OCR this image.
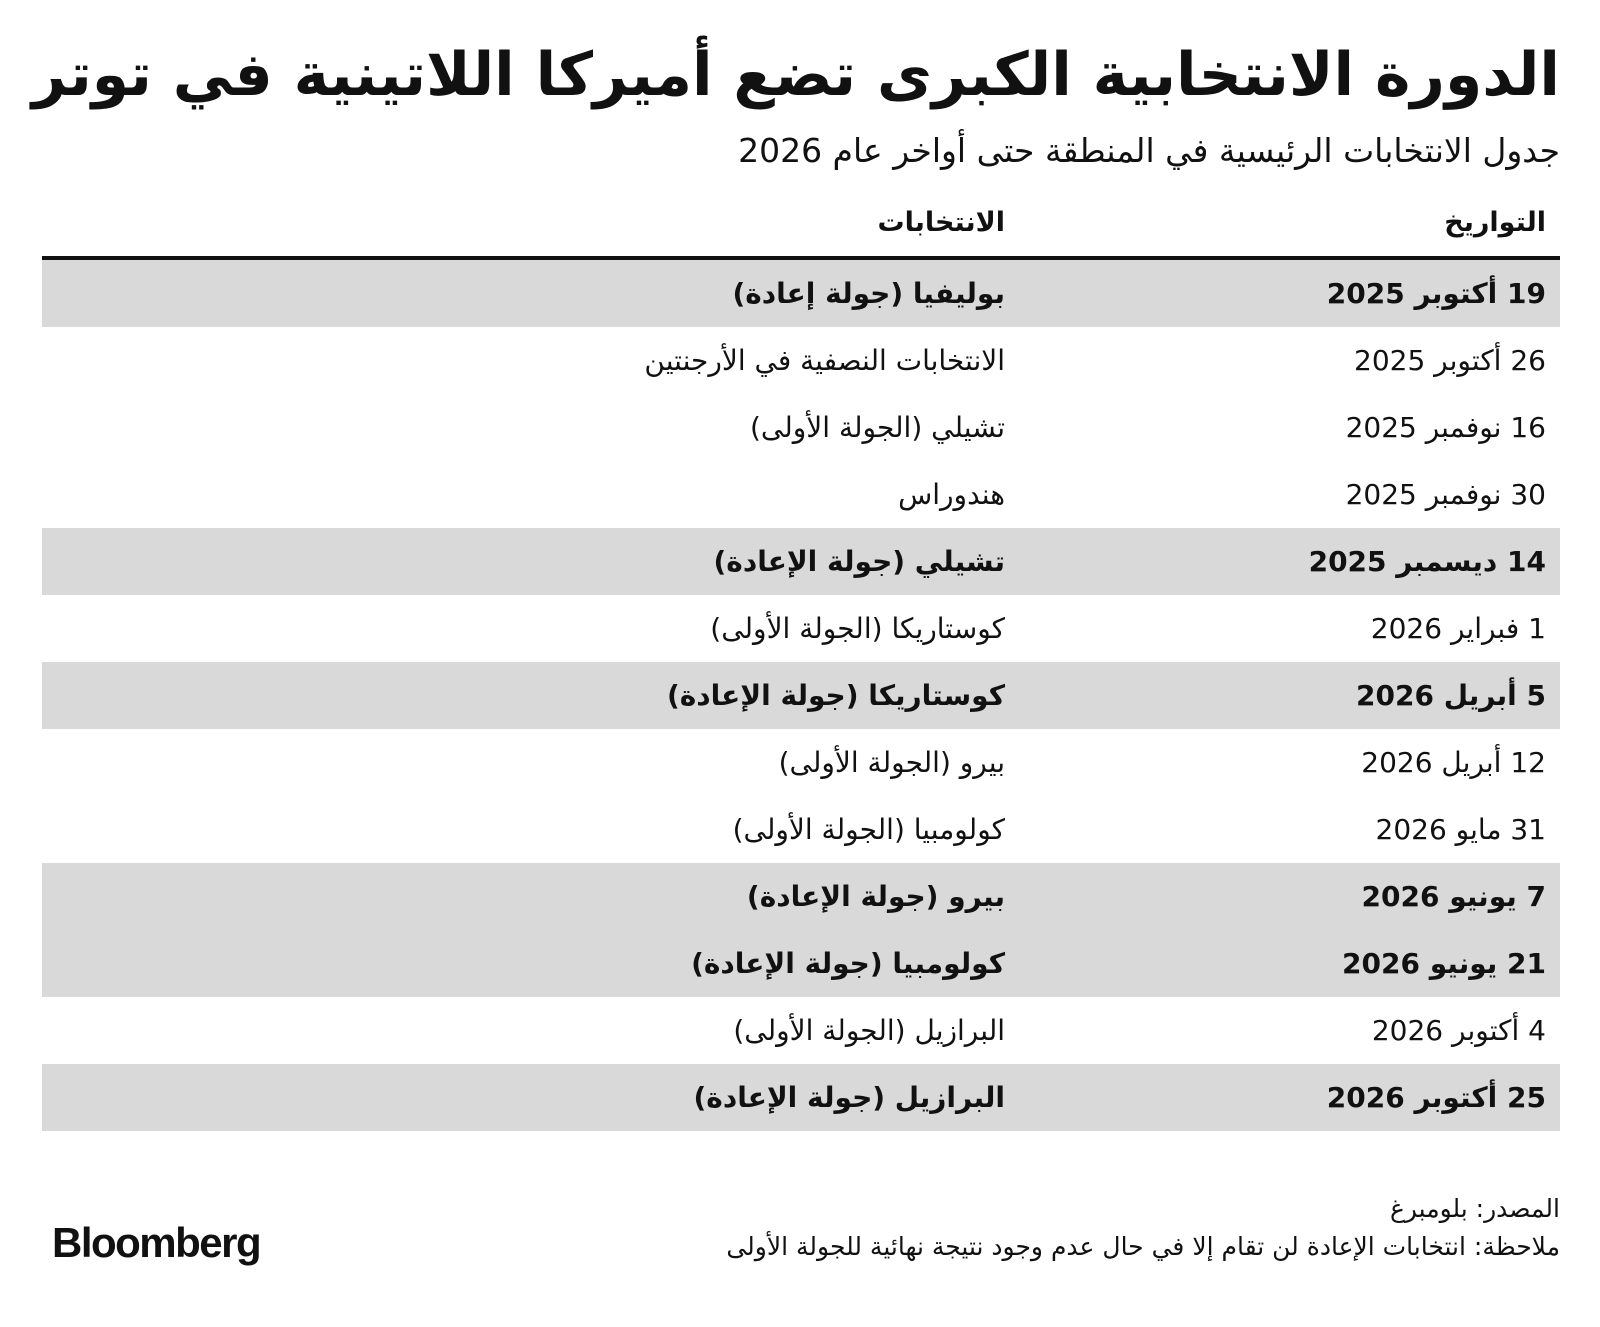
الدورة الانتخابية الكبرى تضع أميركا اللاتينية في توتر
جدول الانتخابات الرئيسية في المنطقة حتى أواخر عام 2026
التواريخ
الانتخابات
19 أكتوبر 2025
بوليفيا (جولة إعادة)
26 أكتوبر 2025
الانتخابات النصفية في الأرجنتين
16 نوفمبر 2025
تشيلي (الجولة الأولى)
30 نوفمبر 2025
هندوراس
14 ديسمبر 2025
تشيلي (جولة الإعادة)
1 فبراير 2026
كوستاريكا (الجولة الأولى)
5 أبريل 2026
كوستاريكا (جولة الإعادة)
12 أبريل 2026
بيرو (الجولة الأولى)
31 مايو 2026
كولومبيا (الجولة الأولى)
7 يونيو 2026
بيرو (جولة الإعادة)
21 يونيو 2026
كولومبيا (جولة الإعادة)
4 أكتوبر 2026
البرازيل (الجولة الأولى)
25 أكتوبر 2026
البرازيل (جولة الإعادة)
المصدر: بلومبرغ
ملاحظة: انتخابات الإعادة لن تقام إلا في حال عدم وجود نتيجة نهائية للجولة الأولى
Bloomberg
